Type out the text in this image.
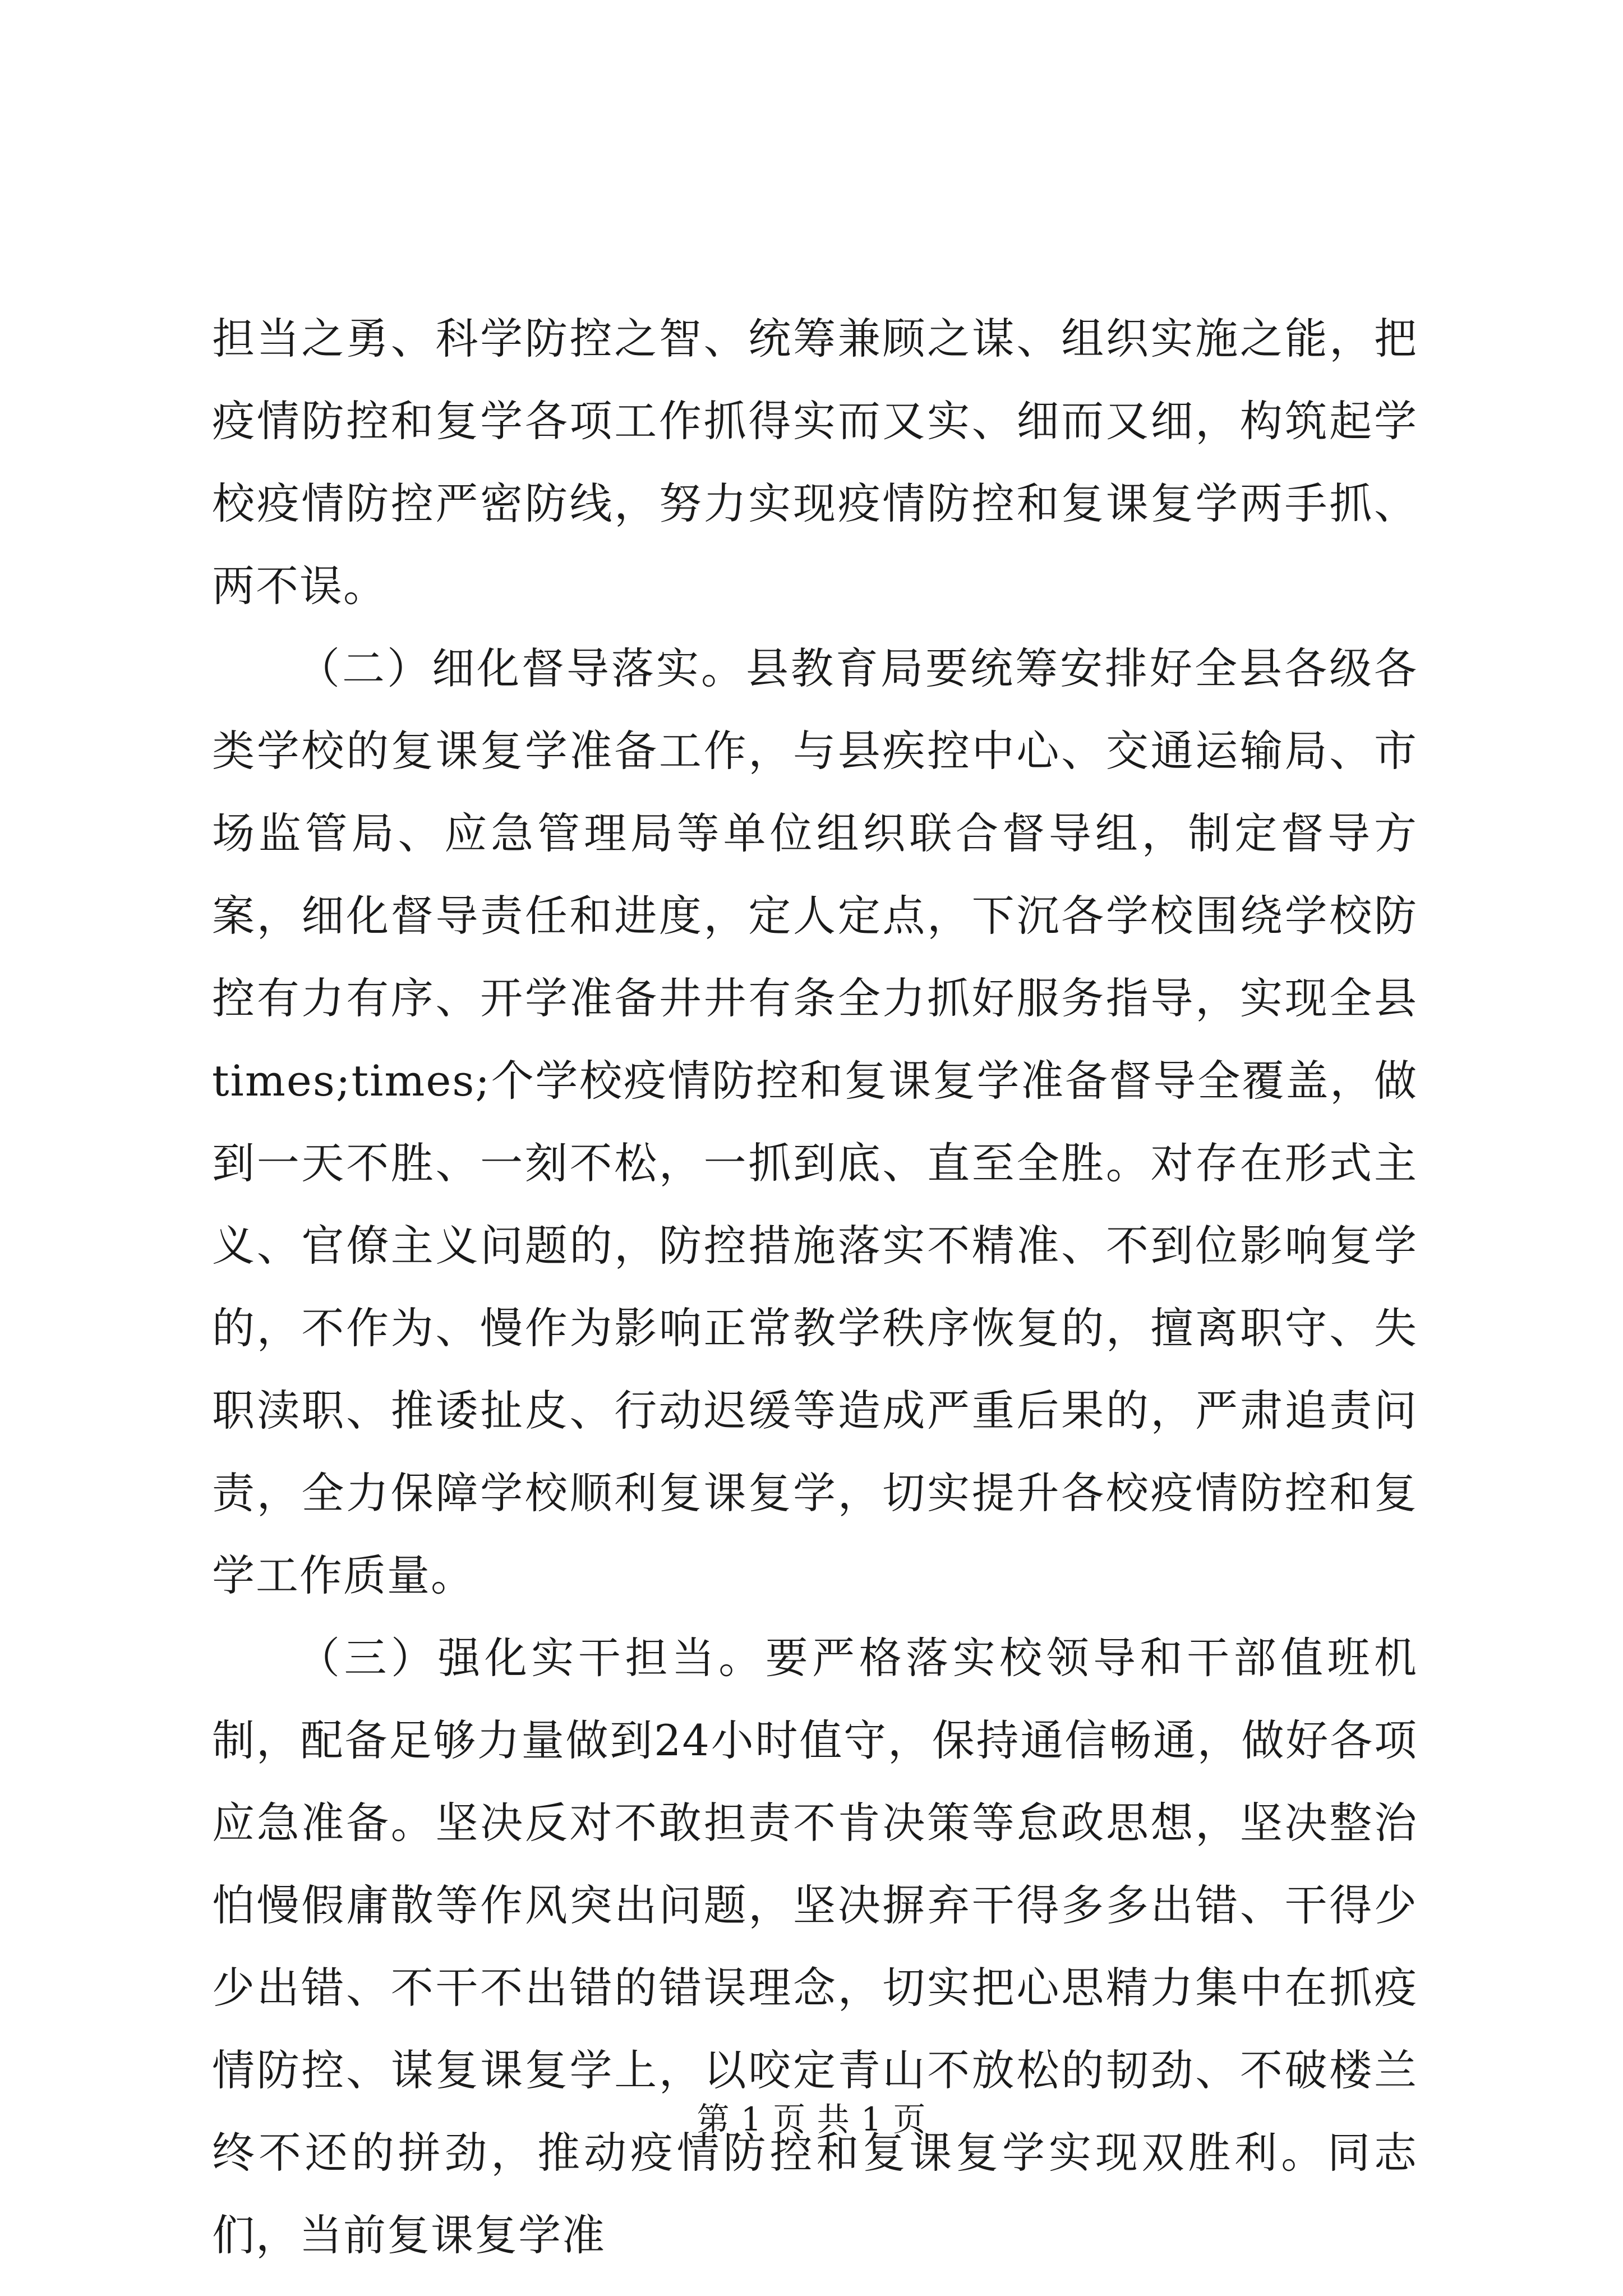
担当之勇、科学防控之智、统筹兼顾之谋、组织实施之能，把疫情防控和复学各项工作抓得实而又实、细而又细，构筑起学校疫情防控严密防线，努力实现疫情防控和复课复学两手抓、两不误。

（二）细化督导落实。县教育局要统筹安排好全县各级各类学校的复课复学准备工作，与县疾控中心、交通运输局、市场监管局、应急管理局等单位组织联合督导组，制定督导方案，细化督导责任和进度，定人定点，下沉各学校围绕学校防控有力有序、开学准备井井有条全力抓好服务指导，实现全县times;times;个学校疫情防控和复课复学准备督导全覆盖，做到一天不胜、一刻不松，一抓到底、直至全胜。对存在形式主义、官僚主义问题的，防控措施落实不精准、不到位影响复学的，不作为、慢作为影响正常教学秩序恢复的，擅离职守、失职渎职、推诿扯皮、行动迟缓等造成严重后果的，严肃追责问责，全力保障学校顺利复课复学，切实提升各校疫情防控和复学工作质量。

（三）强化实干担当。要严格落实校领导和干部值班机制，配备足够力量做到24小时值守，保持通信畅通，做好各项应急准备。坚决反对不敢担责不肯决策等怠政思想，坚决整治怕慢假庸散等作风突出问题，坚决摒弃干得多多出错、干得少少出错、不干不出错的错误理念，切实把心思精力集中在抓疫情防控、谋复课复学上，以咬定青山不放松的韧劲、不破楼兰终不还的拼劲，推动疫情防控和复课复学实现双胜利。同志们，当前复课复学准

第 1 页 共 1 页
